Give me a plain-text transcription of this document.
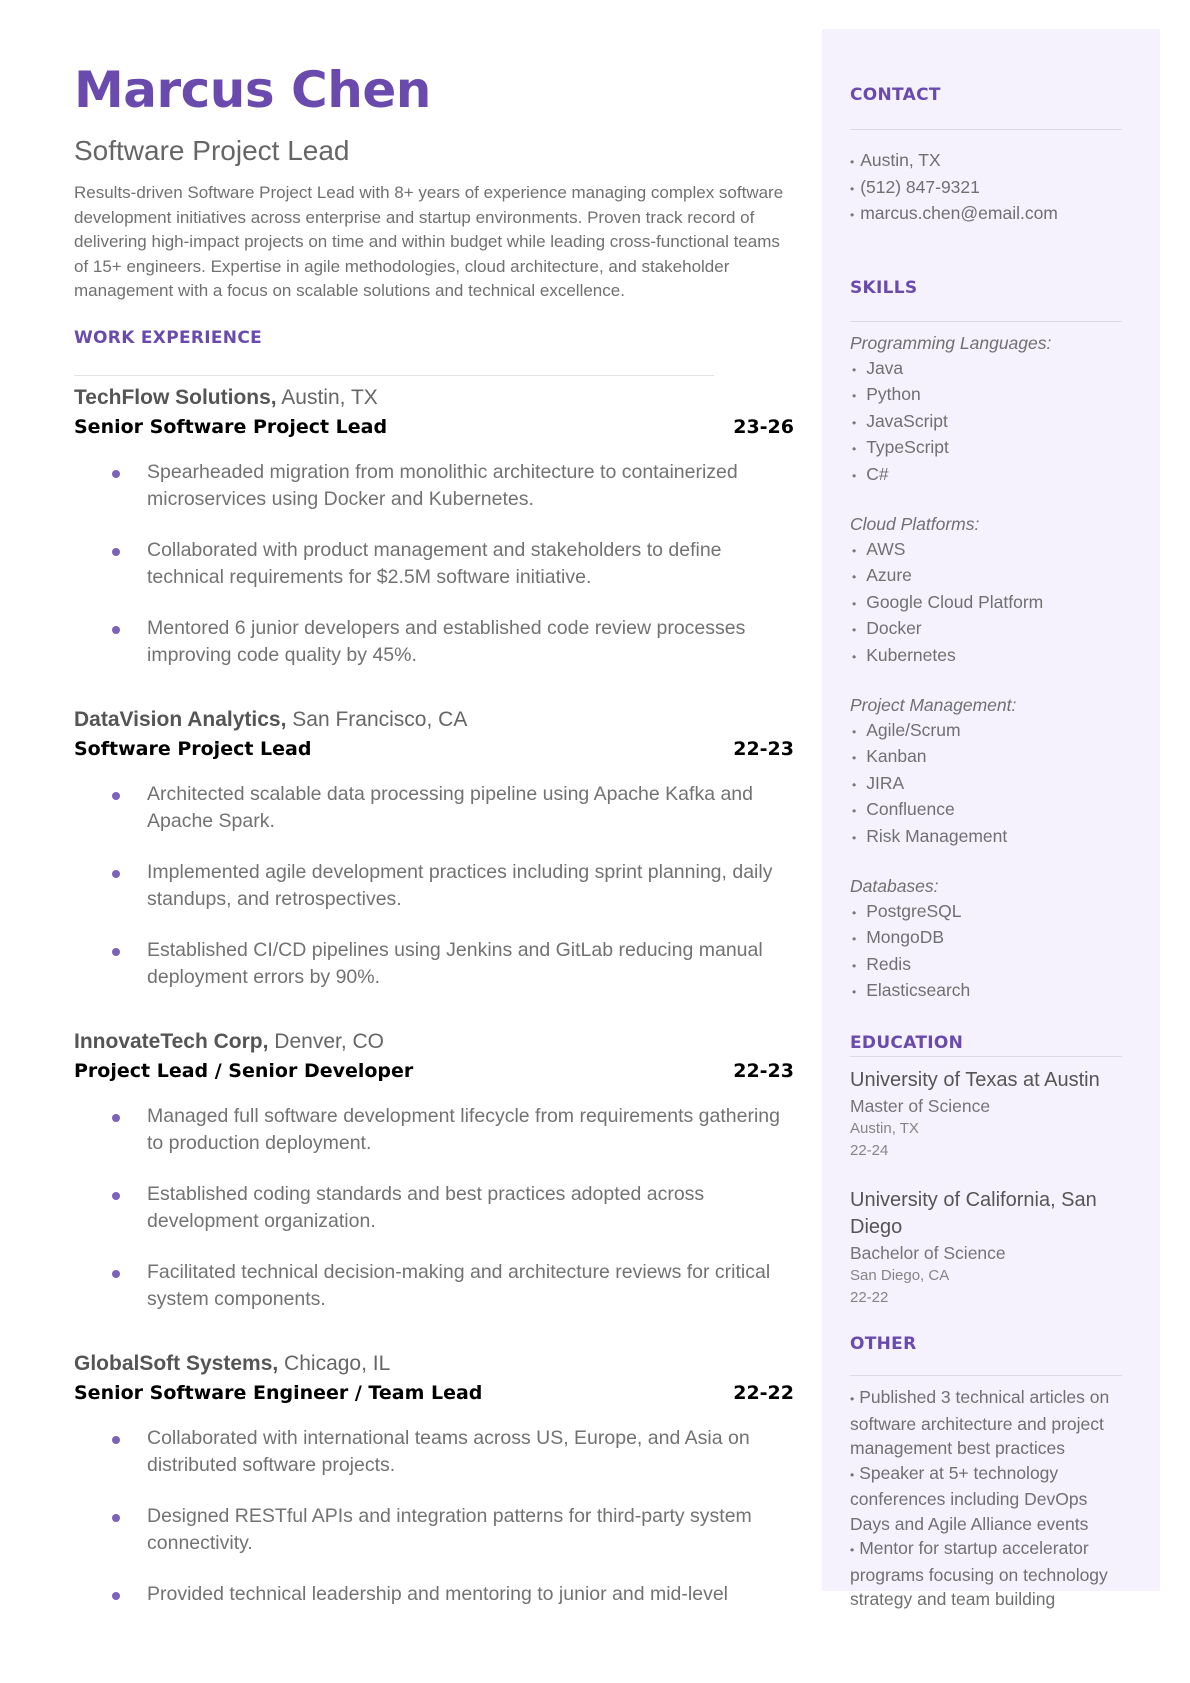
Marcus Chen
Software Project Lead
Results-driven Software Project Lead with 8+ years of experience managing complex software development initiatives across enterprise and startup environments. Proven track record of delivering high-impact projects on time and within budget while leading cross-functional teams of 15+ engineers. Expertise in agile methodologies, cloud architecture, and stakeholder management with a focus on scalable solutions and technical excellence.
WORK EXPERIENCE
TechFlow Solutions, Austin, TX
Senior Software Project Lead	23-26
Spearheaded migration from monolithic architecture to containerized microservices using Docker and Kubernetes.
Collaborated with product management and stakeholders to define technical requirements for $2.5M software initiative.
Mentored 6 junior developers and established code review processes improving code quality by 45%.
DataVision Analytics, San Francisco, CA
Software Project Lead	22-23
Architected scalable data processing pipeline using Apache Kafka and Apache Spark.
Implemented agile development practices including sprint planning, daily standups, and retrospectives.
Established CI/CD pipelines using Jenkins and GitLab reducing manual deployment errors by 90%.
InnovateTech Corp, Denver, CO
Project Lead / Senior Developer	22-23
Managed full software development lifecycle from requirements gathering to production deployment.
Established coding standards and best practices adopted across development organization.
Facilitated technical decision-making and architecture reviews for critical system components.
GlobalSoft Systems, Chicago, IL
Senior Software Engineer / Team Lead	22-22
Collaborated with international teams across US, Europe, and Asia on distributed software projects.
Designed RESTful APIs and integration patterns for third-party system connectivity.
Provided technical leadership and mentoring to junior and mid-level
CONTACT
• Austin, TX
• (512) 847-9321
• marcus.chen@email.com
SKILLS
Programming Languages:
• Java
• Python
• JavaScript
• TypeScript
• C#
Cloud Platforms:
• AWS
• Azure
• Google Cloud Platform
• Docker
• Kubernetes
Project Management:
• Agile/Scrum
• Kanban
• JIRA
• Confluence
• Risk Management
Databases:
• PostgreSQL
• MongoDB
• Redis
• Elasticsearch
EDUCATION
University of Texas at Austin
Master of Science
Austin, TX
22-24
University of California, San Diego
Bachelor of Science
San Diego, CA
22-22
OTHER
• Published 3 technical articles on software architecture and project management best practices
• Speaker at 5+ technology conferences including DevOps Days and Agile Alliance events
• Mentor for startup accelerator programs focusing on technology strategy and team building
